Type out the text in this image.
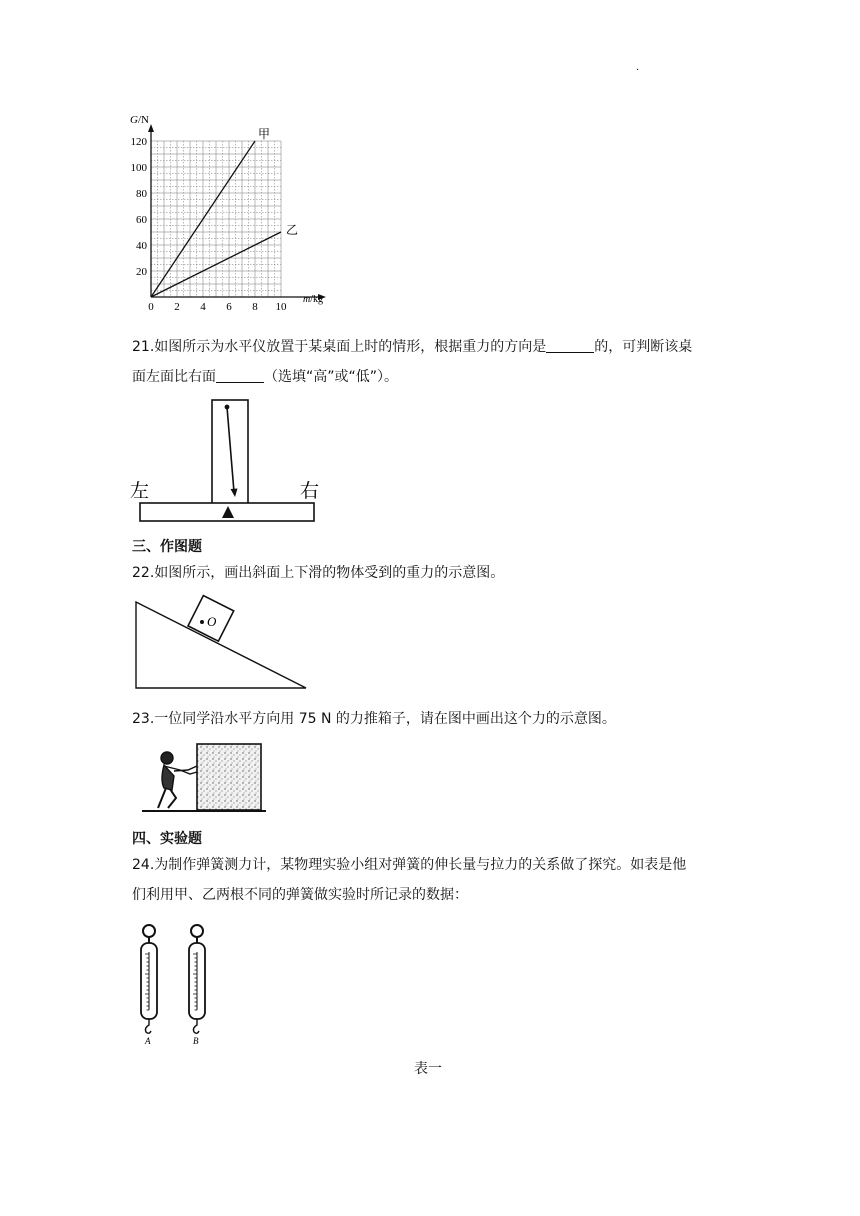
.
0 2 4 6 8 10
20
40
60
80
100
120
甲
乙
G/N
m/kg
21.如图所示为水平仪放置于某桌面上时的情形，根据重力的方向是	的，可判断该桌
面左面比右面	（选填“高”或“低”）。
左	右
三、作图题
22.如图所示，画出斜面上下滑的物体受到的重力的示意图。
O
23.一位同学沿水平方向用 75 N 的力推箱子，请在图中画出这个力的示意图。
四、实验题
24.为制作弹簧测力计，某物理实验小组对弹簧的伸长量与拉力的关系做了探究。如表是他
们利用甲、乙两根不同的弹簧做实验时所记录的数据：
A	B
表一
